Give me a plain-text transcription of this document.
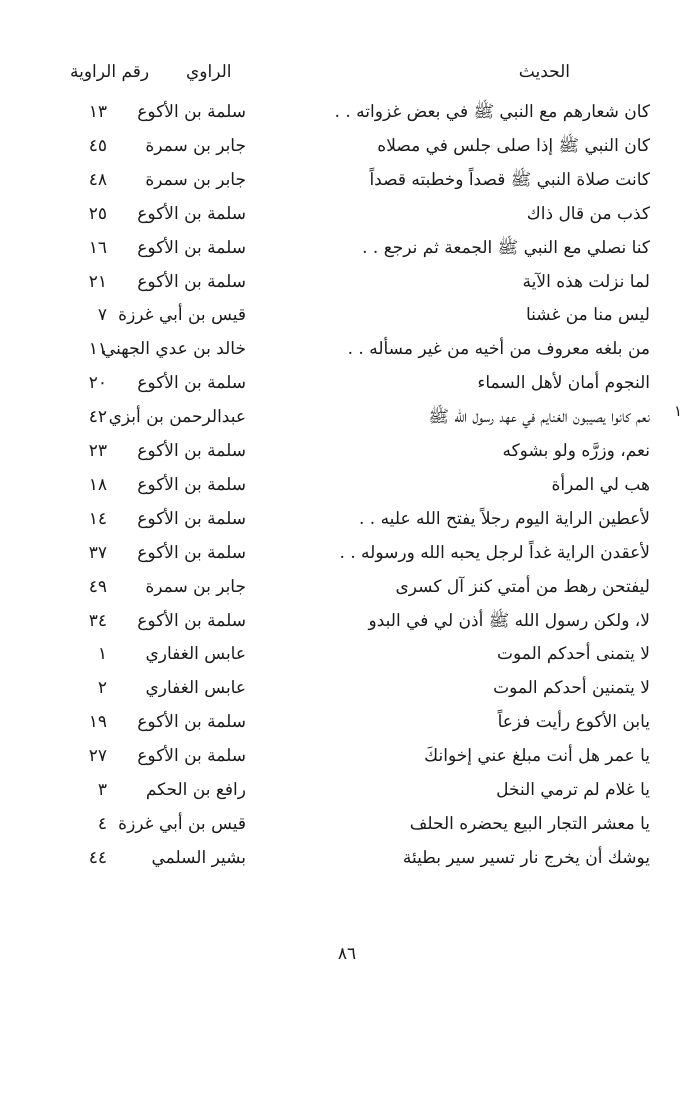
الحديث
الراوي
رقم الراوية
كان شعارهم مع النبي ﷺ في بعض غزواته . .
سلمة بن الأكوع
١٣
كان النبي ﷺ إذا صلى جلس في مصلاه
جابر بن سمرة
٤٥
كانت صلاة النبي ﷺ قصداً وخطبته قصداً
جابر بن سمرة
٤٨
كذب من قال ذاك
سلمة بن الأكوع
٢٥
كنا نصلي مع النبي ﷺ الجمعة ثم نرجع . .
سلمة بن الأكوع
١٦
لما نزلت هذه الآية
سلمة بن الأكوع
٢١
ليس منا من غشنا
قيس بن أبي غرزة
٧
من بلغه معروف من أخيه من غير مسأله . .
خالد بن عدي الجهني
١١
النجوم أمان لأهل السماء
سلمة بن الأكوع
٢٠
نعم كانوا يصيبون الغنايم في عهد رسول الله ﷺ
عبدالرحمن بن أبزي
٤٢
نعم، وزرَّه ولو بشوكه
سلمة بن الأكوع
٢٣
هب لي المرأة
سلمة بن الأكوع
١٨
لأعطين الراية اليوم رجلاً يفتح الله عليه . .
سلمة بن الأكوع
١٤
لأعقدن الراية غداً لرجل يحبه الله ورسوله . .
سلمة بن الأكوع
٣٧
ليفتحن رهط من أمتي كنز آل كسرى
جابر بن سمرة
٤٩
لا، ولكن رسول الله ﷺ أذن لي في البدو
سلمة بن الأكوع
٣٤
لا يتمنى أحدكم الموت
عابس الغفاري
١
لا يتمنين أحدكم الموت
عابس الغفاري
٢
يابن الأكوع رأيت فزعاً
سلمة بن الأكوع
١٩
يا عمر هل أنت مبلغ عني إخوانكَ
سلمة بن الأكوع
٢٧
يا غلام لم ترمي النخل
رافع بن الحكم
٣
يا معشر التجار البيع يحضره الحلف
قيس بن أبي غرزة
٤
يوشك أن يخرج نار تسير سير بطيئة
بشير السلمي
٤٤
١
٨٦
